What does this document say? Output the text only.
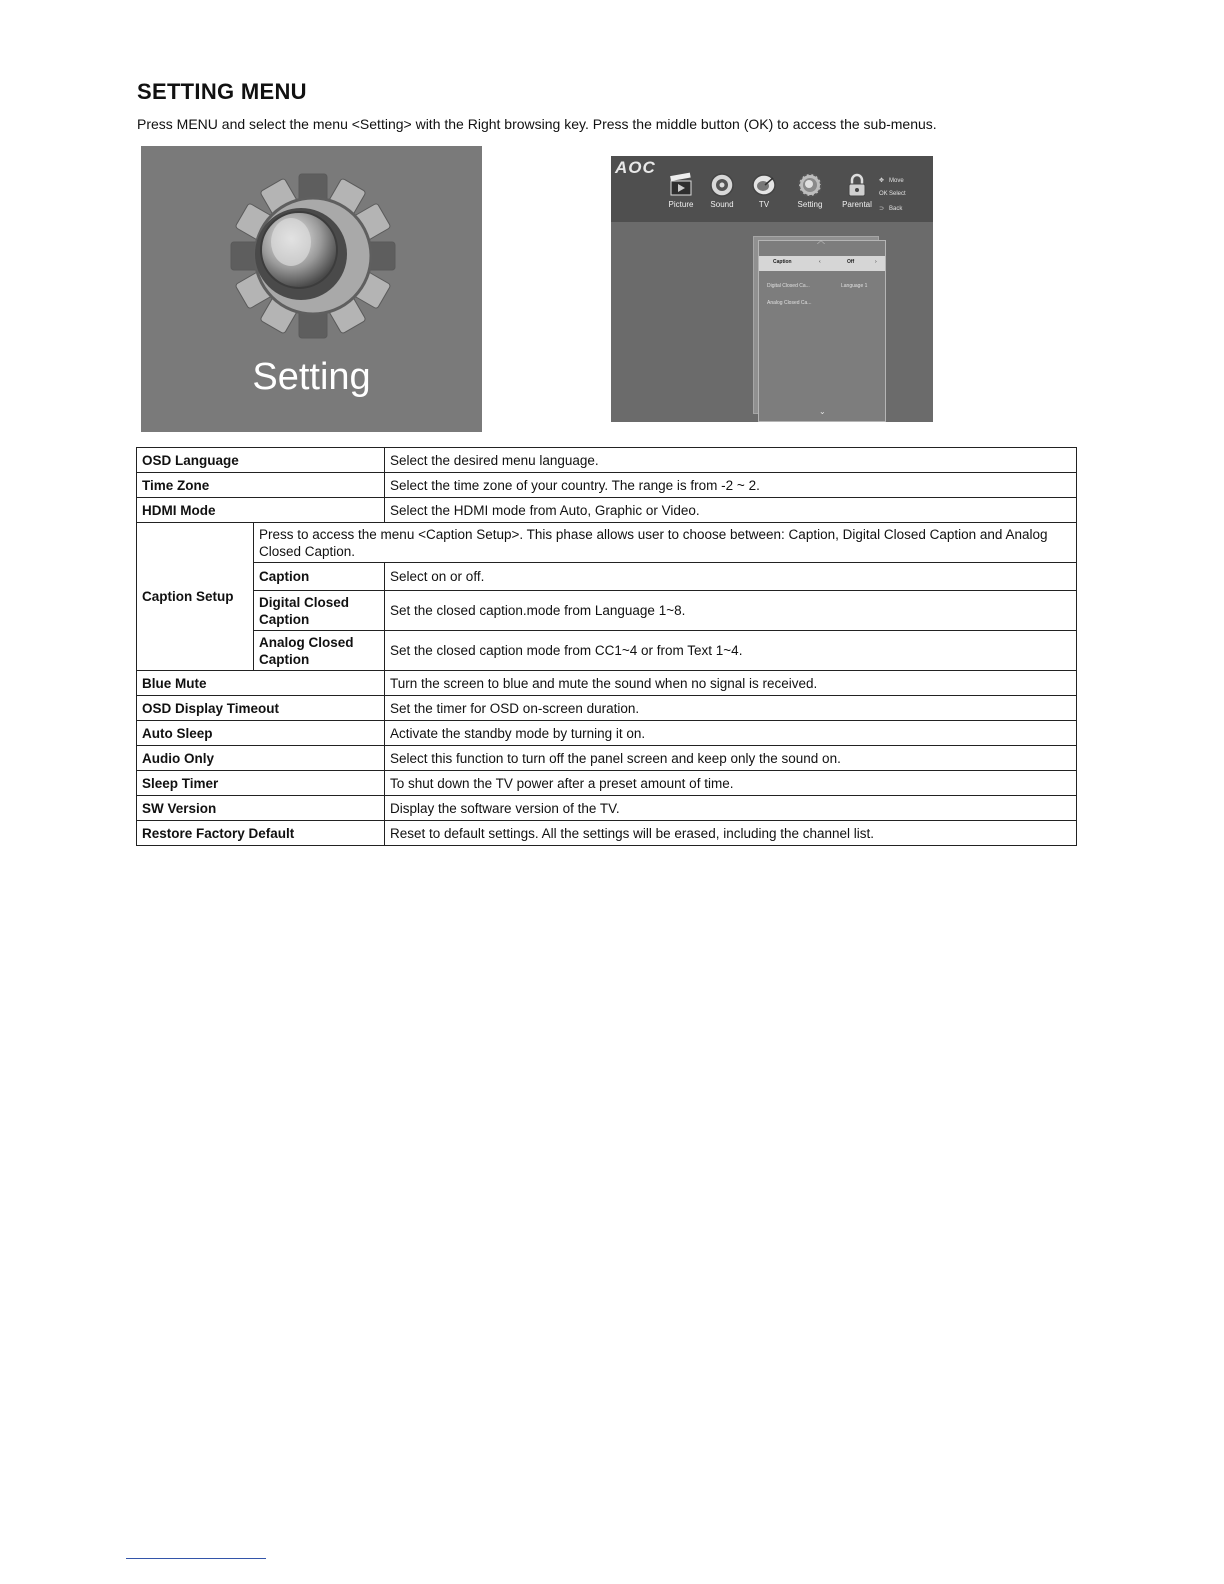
SETTING MENU
Press MENU and select the menu <Setting> with the Right browsing key. Press the middle button (OK) to access the sub-menus.
Setting
AOC
Picture	Sound	TV	Setting	Parental
✥ Move
OKSelect
⊃ Back
︿
Caption	‹	Off	›
Digital Closed Ca...	Language 1
Analog Closed Ca...
⌄
OSD Language		Select the desired menu language.
Time Zone		Select the time zone of your country. The range is from -2 ~ 2.
HDMI Mode		Select the HDMI mode from Auto, Graphic or Video.
Caption Setup	Press to access the menu <Caption Setup>. This phase allows user to choose between: Caption, Digital Closed Caption and Analog Closed Caption.	
	Caption	Select on or off.
	Digital Closed Caption	Set the closed caption.mode from Language 1~8.
	Analog Closed Caption	Set the closed caption mode from CC1~4 or from Text 1~4.
Blue Mute		Turn the screen to blue and mute the sound when no signal is received.
OSD Display Timeout		Set the timer for OSD on-screen duration.
Auto Sleep		Activate the standby mode by turning it on.
Audio Only		Select this function to turn off the panel screen and keep only the sound on.
Sleep Timer		To shut down the TV power after a preset amount of time.
SW Version		Display the software version of the TV.
Restore Factory Default		Reset to default settings. All the settings will be erased, including the channel list.
